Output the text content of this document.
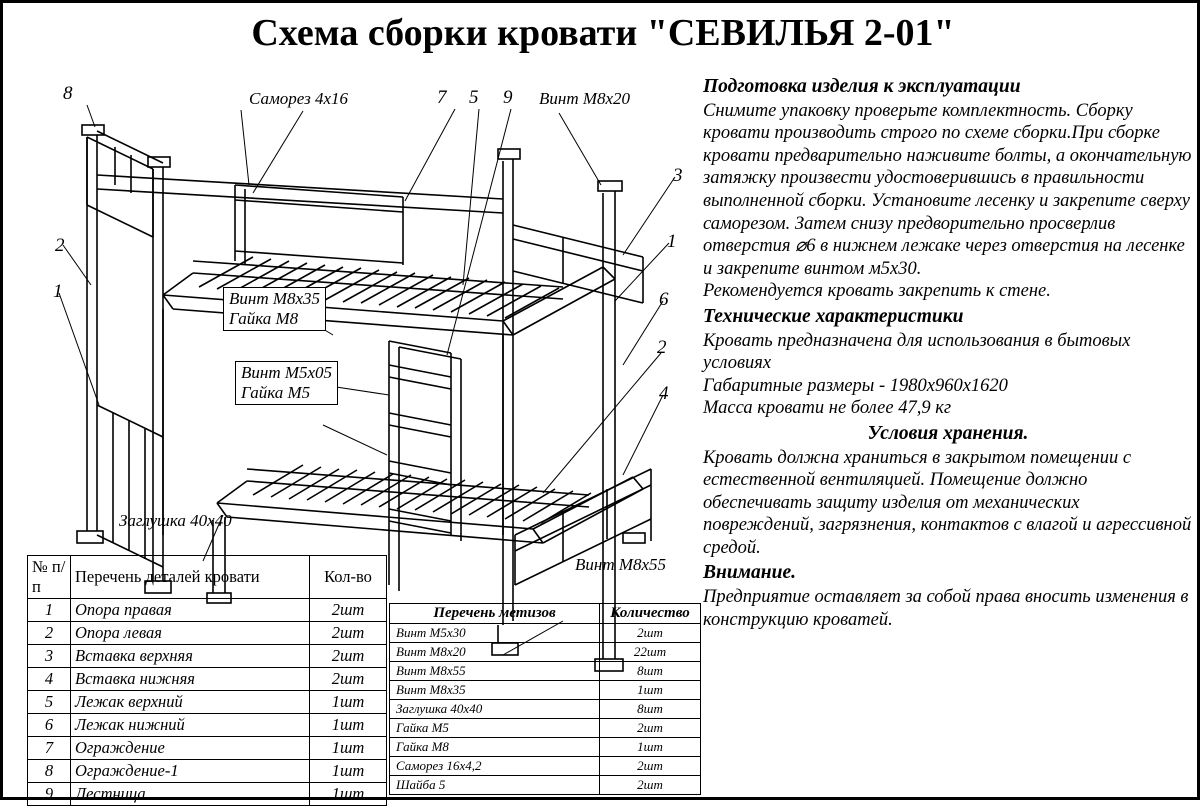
Схема сборки кровати "СЕВИЛЬЯ 2-01"
8	7 5 9
3
1
6
2
4
2
1
Саморез 4х16	Винт М8х20
Винт М8х35
Гайка М8
Винт М5х05
Гайка М5
Заглушка 40х40
Винт М8х55
Подготовка изделия к эксплуатации

Снимите упаковку проверьте комплектность. Сборку кровати производить строго по схеме сборки.При сборке кровати предварительно наживите болты, а окончательную затяжку произвести удостоверившись в правильности выполненной сборки. Установите лесенку и закрепите сверху саморезом. Затем снизу предворительно просверлив отверстия ⌀6 в нижнем лежаке через отверстия на лесенке и закрепите винтом м5х30.

Рекомендуется кровать закрепить к стене.

Технические характеристики

Кровать предназначена для использования в бытовых условиях

Габаритные размеры - 1980х960х1620

Масса кровати не более 47,9 кг

Условия хранения.

Кровать должна храниться в закрытом помещении с естественной вентиляцией. Помещение должно обеспечивать защиту изделия от механических повреждений, загрязнения, контактов с влагой и агрессивной средой.

Внимание.

Предприятие оставляет за собой права вносить изменения в конструкцию кроватей.

№ п/п	Перечень деталей кровати	Кол-во
1	Опора правая	2шт
2	Опора левая	2шт
3	Вставка верхняя	2шт
4	Вставка нижняя	2шт
5	Лежак верхний	1шт
6	Лежак нижний	1шт
7	Ограждение	1шт
8	Ограждение-1	1шт
9	Лестница	1шт
Перечень метизов	Количество
Винт М5х30	2шт
Винт М8х20	22шт
Винт М8х55	8шт
Винт М8х35	1шт
Заглушка 40х40	8шт
Гайка М5	2шт
Гайка М8	1шт
Саморез 16х4,2	2шт
Шайба 5	2шт
